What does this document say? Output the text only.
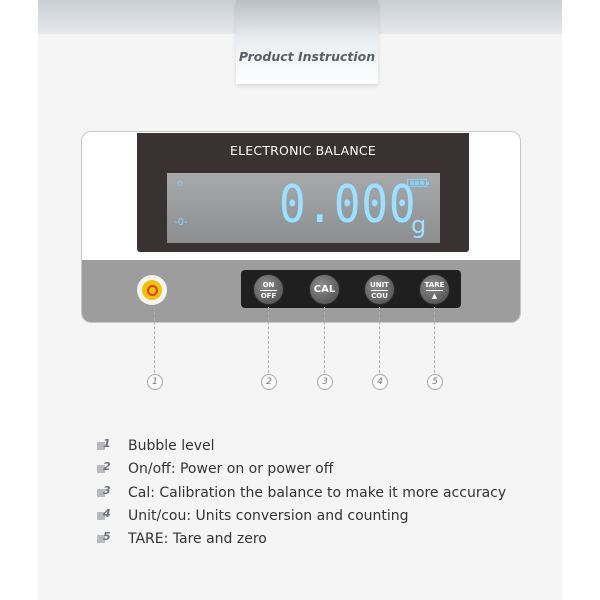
Product Instruction
ELECTRONIC BALANCE
o
-0- 0.000
g
ON
OFF
CAL	UNIT
COU
TARE
▲
1	2	3	4	5
1 Bubble level
2 On/off: Power on or power off
3 Cal: Calibration the balance to make it more accuracy
4 Unit/cou: Units conversion and counting
5 TARE: Tare and zero
